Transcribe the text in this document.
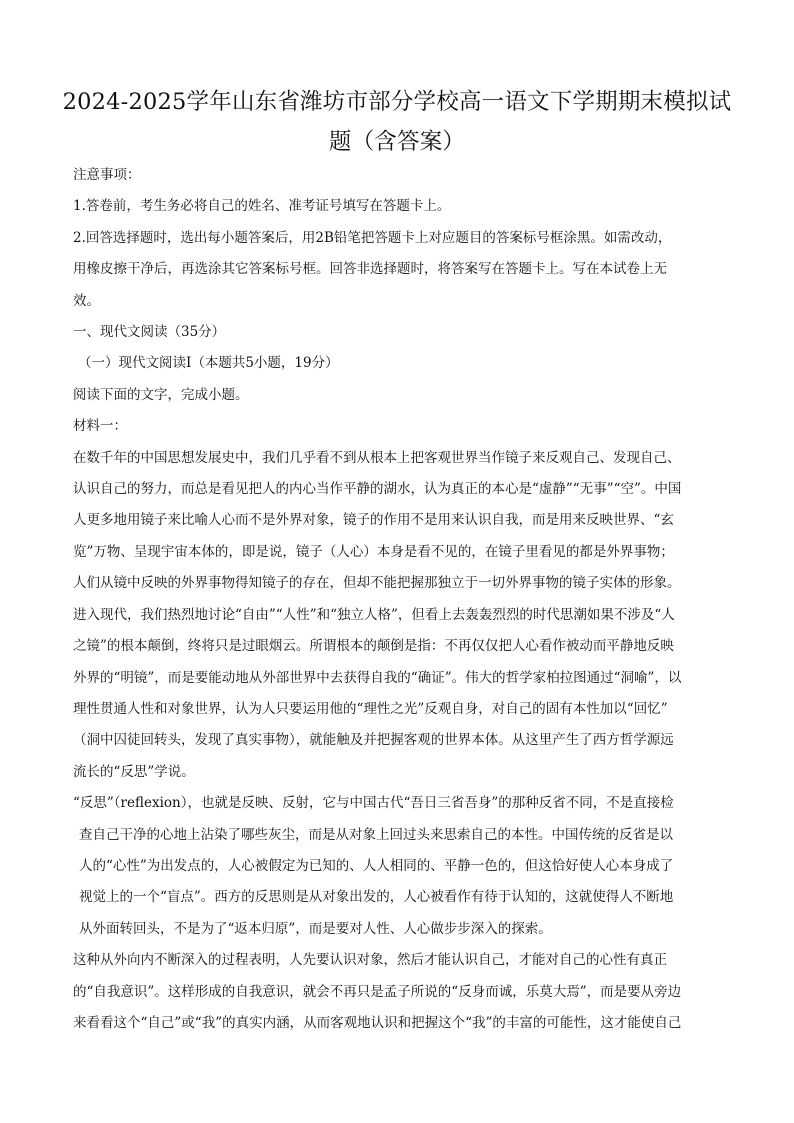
2024-2025学年山东省潍坊市部分学校高一语文下学期期末模拟试
题（含答案）

注意事项：

1.答卷前，考生务必将自己的姓名、准考证号填写在答题卡上。

2.回答选择题时，选出每小题答案后，用2B铅笔把答题卡上对应题目的答案标号框涂黑。如需改动，

用橡皮擦干净后，再选涂其它答案标号框。回答非选择题时，将答案写在答题卡上。写在本试卷上无

效。

一、现代文阅读（35分）

（一）现代文阅读Ⅰ（本题共5小题，19分）

阅读下面的文字，完成小题。

材料一：

在数千年的中国思想发展史中，我们几乎看不到从根本上把客观世界当作镜子来反观自己、发现自己、

认识自己的努力，而总是看见把人的内心当作平静的湖水，认为真正的本心是“虚静”“无事”“空”。中国

人更多地用镜子来比喻人心而不是外界对象，镜子的作用不是用来认识自我，而是用来反映世界、“玄

览”万物、呈现宇宙本体的，即是说，镜子（人心）本身是看不见的，在镜子里看见的都是外界事物；

人们从镜中反映的外界事物得知镜子的存在，但却不能把握那独立于一切外界事物的镜子实体的形象。

进入现代，我们热烈地讨论“自由”“人性”和“独立人格”，但看上去轰轰烈烈的时代思潮如果不涉及“人

之镜”的根本颠倒，终将只是过眼烟云。所谓根本的颠倒是指：不再仅仅把人心看作被动而平静地反映

外界的“明镜”，而是要能动地从外部世界中去获得自我的“确证”。伟大的哲学家柏拉图通过“洞喻”，以

理性贯通人性和对象世界，认为人只要运用他的“理性之光”反观自身，对自己的固有本性加以“回忆”

（洞中囚徒回转头，发现了真实事物），就能触及并把握客观的世界本体。从这里产生了西方哲学源远

流长的“反思”学说。

“反思”（reflexion），也就是反映、反射，它与中国古代“吾日三省吾身”的那种反省不同，不是直接检

查自己干净的心地上沾染了哪些灰尘，而是从对象上回过头来思索自己的本性。中国传统的反省是以

人的“心性”为出发点的，人心被假定为已知的、人人相同的、平静一色的，但这恰好使人心本身成了

视觉上的一个“盲点”。西方的反思则是从对象出发的，人心被看作有待于认知的，这就使得人不断地

从外面转回头，不是为了“返本归原”，而是要对人性、人心做步步深入的探索。

这种从外向内不断深入的过程表明，人先要认识对象，然后才能认识自己，才能对自己的心性有真正

的“自我意识”。这样形成的自我意识，就会不再只是孟子所说的“反身而诚，乐莫大焉”，而是要从旁边

来看看这个“自己”或“我”的真实内涵，从而客观地认识和把握这个“我”的丰富的可能性，这才能使自己
